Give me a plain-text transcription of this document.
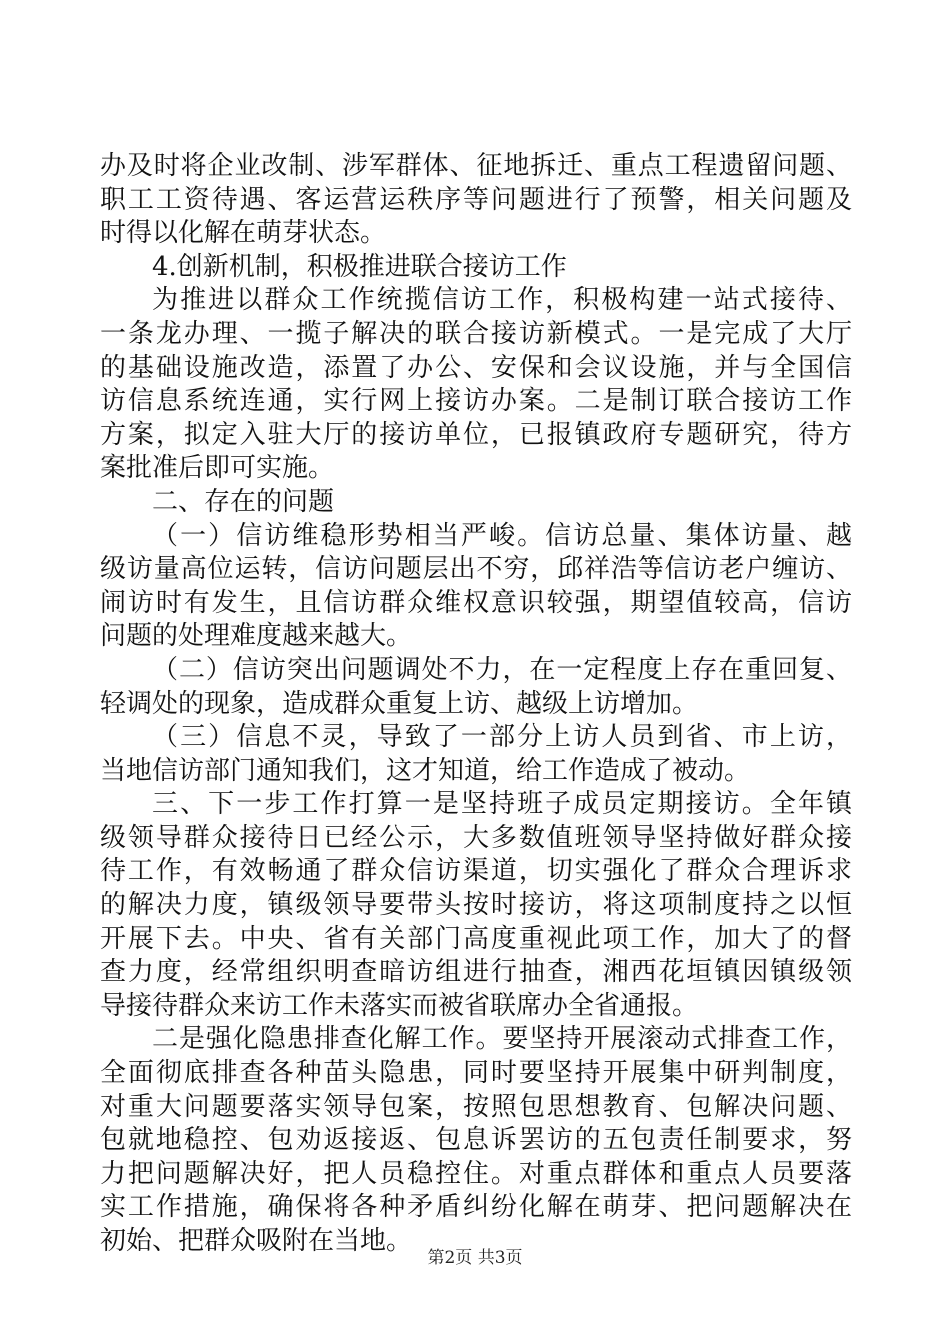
办及时将企业改制、涉军群体、征地拆迁、重点工程遗留问题、
职工工资待遇、客运营运秩序等问题进行了预警，相关问题及
时得以化解在萌芽状态。
4.创新机制，积极推进联合接访工作
为推进以群众工作统揽信访工作，积极构建一站式接待、
一条龙办理、一揽子解决的联合接访新模式。一是完成了大厅
的基础设施改造，添置了办公、安保和会议设施，并与全国信
访信息系统连通，实行网上接访办案。二是制订联合接访工作
方案，拟定入驻大厅的接访单位，已报镇政府专题研究，待方
案批准后即可实施。
二、存在的问题
（一）信访维稳形势相当严峻。信访总量、集体访量、越
级访量高位运转，信访问题层出不穷，邱祥浩等信访老户缠访、
闹访时有发生，且信访群众维权意识较强，期望值较高，信访
问题的处理难度越来越大。
（二）信访突出问题调处不力，在一定程度上存在重回复、
轻调处的现象，造成群众重复上访、越级上访增加。
（三）信息不灵，导致了一部分上访人员到省、市上访，
当地信访部门通知我们，这才知道，给工作造成了被动。
三、下一步工作打算一是坚持班子成员定期接访。全年镇
级领导群众接待日已经公示，大多数值班领导坚持做好群众接
待工作，有效畅通了群众信访渠道，切实强化了群众合理诉求
的解决力度，镇级领导要带头按时接访，将这项制度持之以恒
开展下去。中央、省有关部门高度重视此项工作，加大了的督
查力度，经常组织明查暗访组进行抽查，湘西花垣镇因镇级领
导接待群众来访工作未落实而被省联席办全省通报。
二是强化隐患排查化解工作。要坚持开展滚动式排查工作，
全面彻底排查各种苗头隐患，同时要坚持开展集中研判制度，
对重大问题要落实领导包案，按照包思想教育、包解决问题、
包就地稳控、包劝返接返、包息诉罢访的五包责任制要求，努
力把问题解决好，把人员稳控住。对重点群体和重点人员要落
实工作措施，确保将各种矛盾纠纷化解在萌芽、把问题解决在
初始、把群众吸附在当地。
第2页 共3页
